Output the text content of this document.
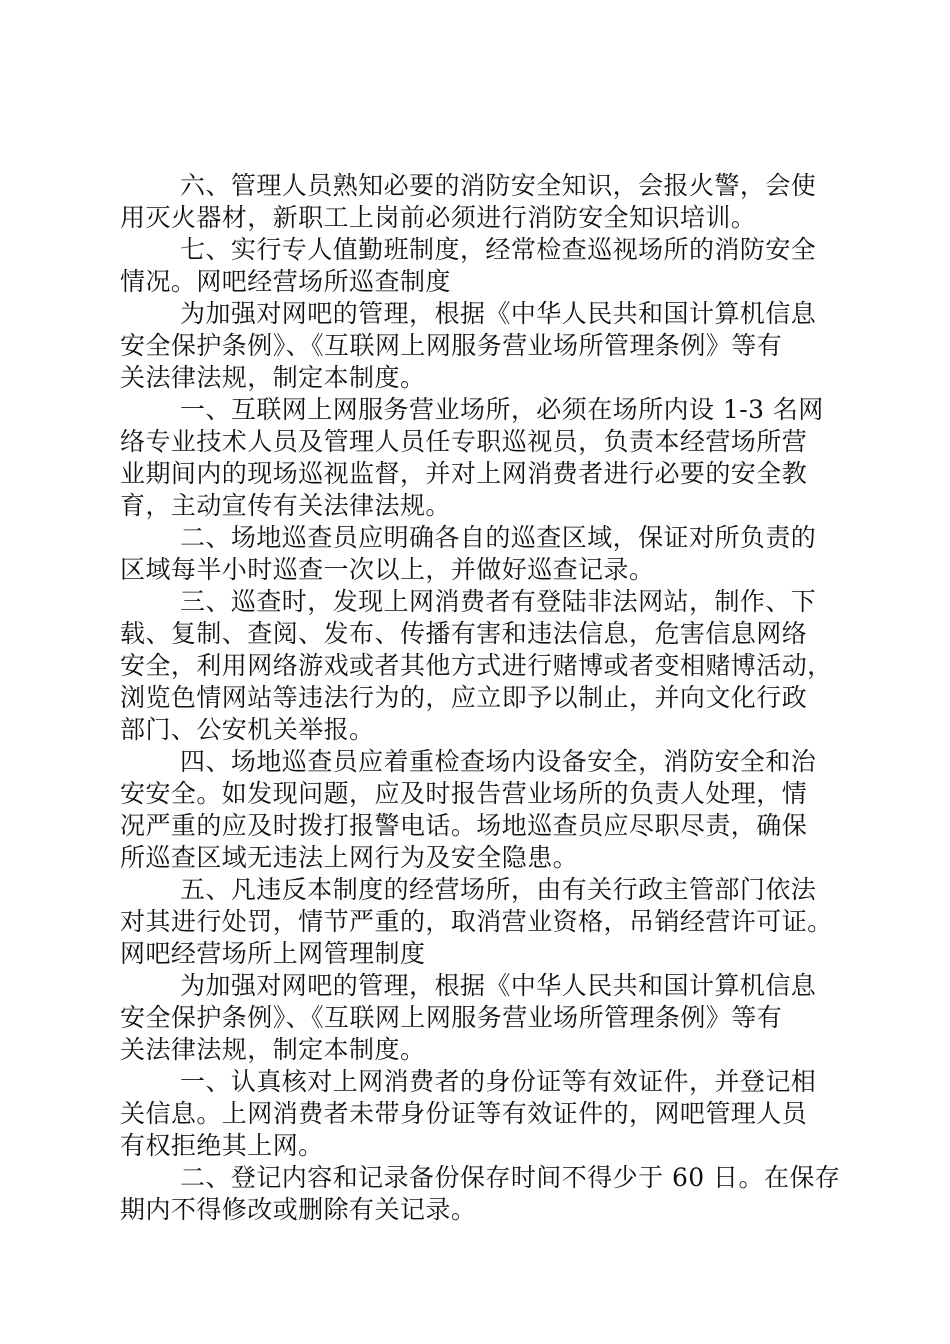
六、管理人员熟知必要的消防安全知识，会报火警，会使

用灭火器材，新职工上岗前必须进行消防安全知识培训。

七、实行专人值勤班制度，经常检查巡视场所的消防安全

情况。网吧经营场所巡查制度

为加强对网吧的管理，根据《中华人民共和国计算机信息

安全保护条例》、《互联网上网服务营业场所管理条例》等有

关法律法规，制定本制度。

一、互联网上网服务营业场所，必须在场所内设 1-3 名网

络专业技术人员及管理人员任专职巡视员，负责本经营场所营

业期间内的现场巡视监督，并对上网消费者进行必要的安全教

育，主动宣传有关法律法规。

二、场地巡查员应明确各自的巡查区域，保证对所负责的

区域每半小时巡查一次以上，并做好巡查记录。

三、巡查时，发现上网消费者有登陆非法网站，制作、下

载、复制、查阅、发布、传播有害和违法信息，危害信息网络

安全，利用网络游戏或者其他方式进行赌博或者变相赌博活动，

浏览色情网站等违法行为的，应立即予以制止，并向文化行政

部门、公安机关举报。

四、场地巡查员应着重检查场内设备安全，消防安全和治

安安全。如发现问题，应及时报告营业场所的负责人处理，情

况严重的应及时拨打报警电话。场地巡查员应尽职尽责，确保

所巡查区域无违法上网行为及安全隐患。

五、凡违反本制度的经营场所，由有关行政主管部门依法

对其进行处罚，情节严重的，取消营业资格，吊销经营许可证。

网吧经营场所上网管理制度

为加强对网吧的管理，根据《中华人民共和国计算机信息

安全保护条例》、《互联网上网服务营业场所管理条例》等有

关法律法规，制定本制度。

一、认真核对上网消费者的身份证等有效证件，并登记相

关信息。上网消费者未带身份证等有效证件的，网吧管理人员

有权拒绝其上网。

二、登记内容和记录备份保存时间不得少于 60 日。在保存

期内不得修改或删除有关记录。
